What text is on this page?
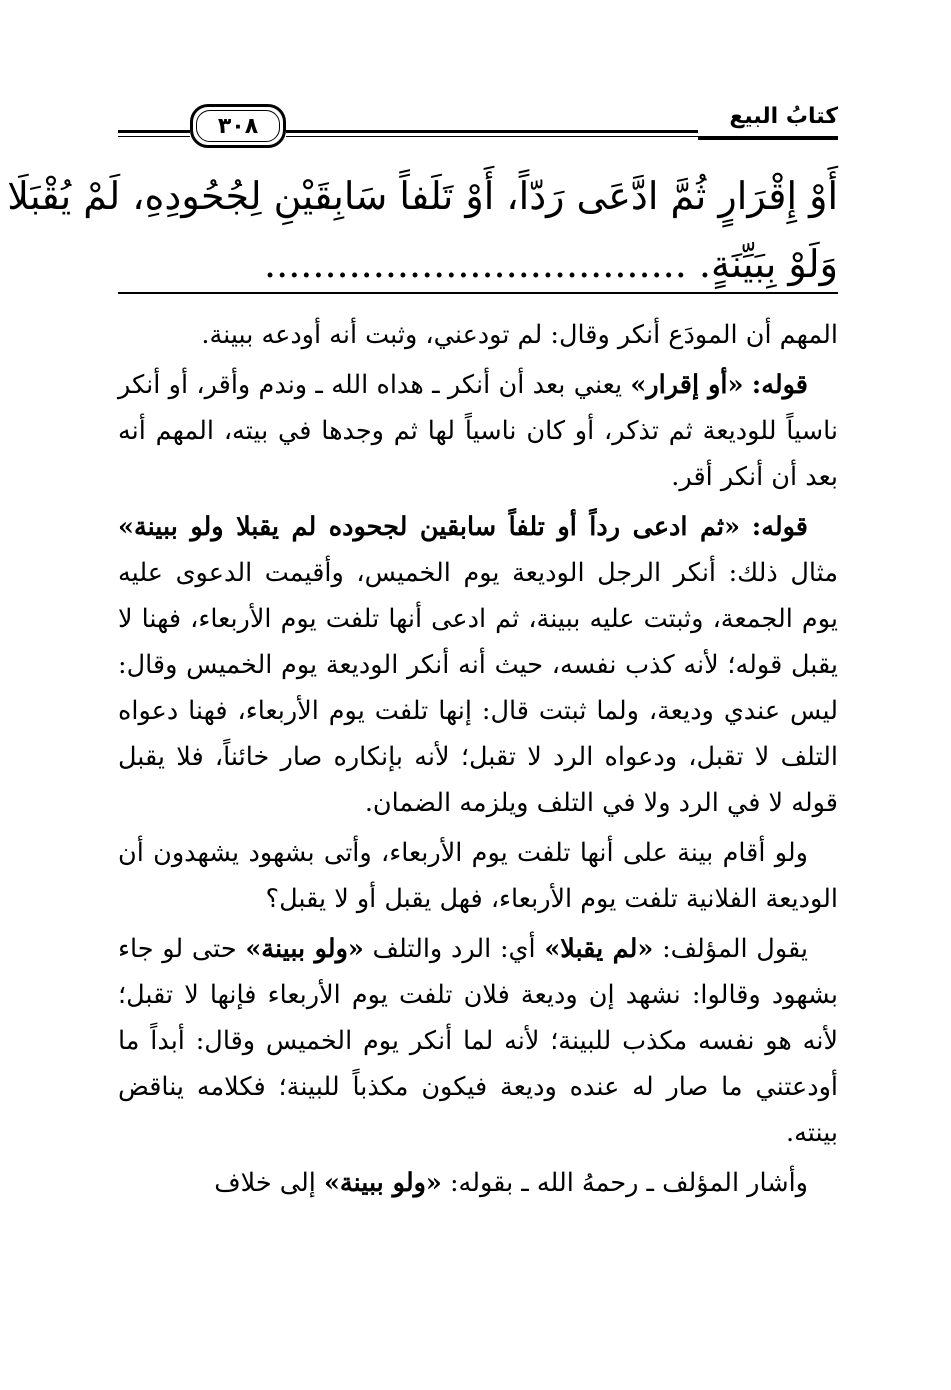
كتابُ البيع
٣٠٨
أَوْ إِقْرَارٍ ثُمَّ ادَّعَى رَدّاً، أَوْ تَلَفاً سَابِقَيْنِ لِجُحُودِهِ، لَمْ يُقْبَلَا
وَلَوْ بِبَيِّنَةٍ. ...................................

المهم أن المودَع أنكر وقال: لم تودعني، وثبت أنه أودعه ببينة.

قوله: «أو إقرار» يعني بعد أن أنكر ـ هداه الله ـ وندم وأقر، أو أنكر ناسياً للوديعة ثم تذكر، أو كان ناسياً لها ثم وجدها في بيته، المهم أنه بعد أن أنكر أقر.

قوله: «ثم ادعى رداً أو تلفاً سابقين لجحوده لم يقبلا ولو ببينة» مثال ذلك: أنكر الرجل الوديعة يوم الخميس، وأقيمت الدعوى عليه يوم الجمعة، وثبتت عليه ببينة، ثم ادعى أنها تلفت يوم الأربعاء، فهنا لا يقبل قوله؛ لأنه كذب نفسه، حيث أنه أنكر الوديعة يوم الخميس وقال: ليس عندي وديعة، ولما ثبتت قال: إنها تلفت يوم الأربعاء، فهنا دعواه التلف لا تقبل، ودعواه الرد لا تقبل؛ لأنه بإنكاره صار خائناً، فلا يقبل قوله لا في الرد ولا في التلف ويلزمه الضمان.

ولو أقام بينة على أنها تلفت يوم الأربعاء، وأتى بشهود يشهدون أن الوديعة الفلانية تلفت يوم الأربعاء، فهل يقبل أو لا يقبل؟

يقول المؤلف: «لم يقبلا» أي: الرد والتلف «ولو ببينة» حتى لو جاء بشهود وقالوا: نشهد إن وديعة فلان تلفت يوم الأربعاء فإنها لا تقبل؛ لأنه هو نفسه مكذب للبينة؛ لأنه لما أنكر يوم الخميس وقال: أبداً ما أودعتني ما صار له عنده وديعة فيكون مكذباً للبينة؛ فكلامه يناقض بينته.

وأشار المؤلف ـ رحمهُ الله ـ بقوله: «ولو ببينة» إلى خلاف
